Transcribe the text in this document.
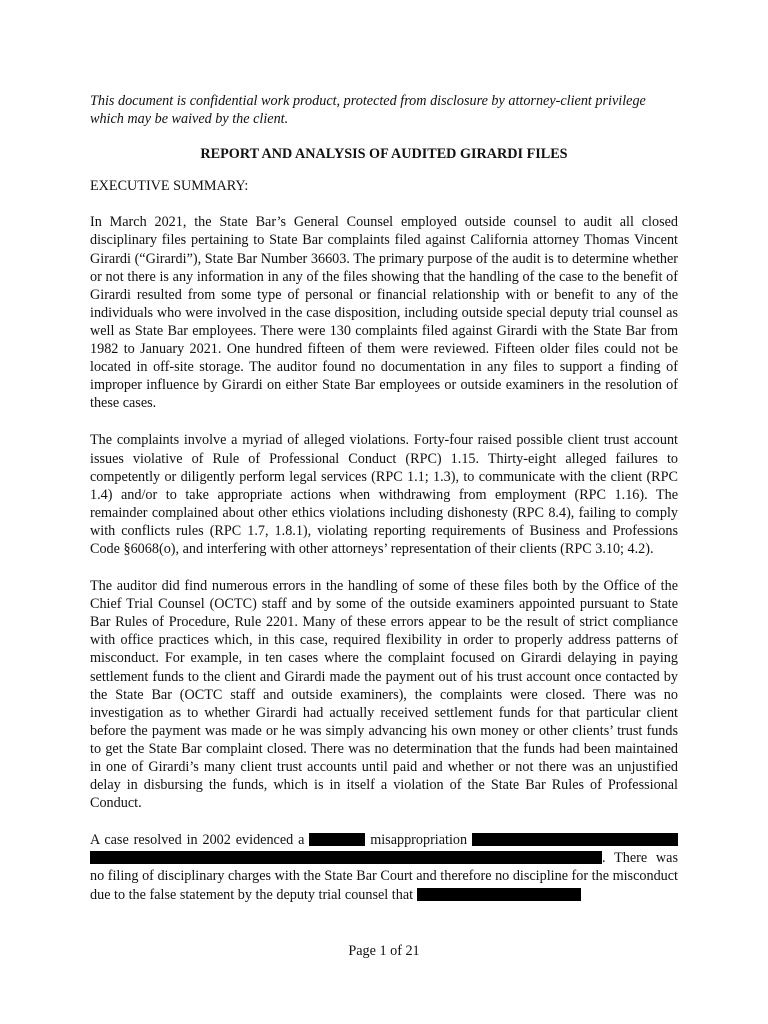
This document is confidential work product, protected from disclosure by attorney-client privilege which may be waived by the client.

REPORT AND ANALYSIS OF AUDITED GIRARDI FILES
EXECUTIVE SUMMARY:

In March 2021, the State Bar’s General Counsel employed outside counsel to audit all closed disciplinary files pertaining to State Bar complaints filed against California attorney Thomas Vincent Girardi (“Girardi”), State Bar Number 36603. The primary purpose of the audit is to determine whether or not there is any information in any of the files showing that the handling of the case to the benefit of Girardi resulted from some type of personal or financial relationship with or benefit to any of the individuals who were involved in the case disposition, including outside special deputy trial counsel as well as State Bar employees. There were 130 complaints filed against Girardi with the State Bar from 1982 to January 2021. One hundred fifteen of them were reviewed. Fifteen older files could not be located in off-site storage. The auditor found no documentation in any files to support a finding of improper influence by Girardi on either State Bar employees or outside examiners in the resolution of these cases.

The complaints involve a myriad of alleged violations. Forty-four raised possible client trust account issues violative of Rule of Professional Conduct (RPC) 1.15. Thirty-eight alleged failures to competently or diligently perform legal services (RPC 1.1; 1.3), to communicate with the client (RPC 1.4) and/or to take appropriate actions when withdrawing from employment (RPC 1.16). The remainder complained about other ethics violations including dishonesty (RPC 8.4), failing to comply with conflicts rules (RPC 1.7, 1.8.1), violating reporting requirements of Business and Professions Code §6068(o), and interfering with other attorneys’ representation of their clients (RPC 3.10; 4.2).

The auditor did find numerous errors in the handling of some of these files both by the Office of the Chief Trial Counsel (OCTC) staff and by some of the outside examiners appointed pursuant to State Bar Rules of Procedure, Rule 2201. Many of these errors appear to be the result of strict compliance with office practices which, in this case, required flexibility in order to properly address patterns of misconduct. For example, in ten cases where the complaint focused on Girardi delaying in paying settlement funds to the client and Girardi made the payment out of his trust account once contacted by the State Bar (OCTC staff and outside examiners), the complaints were closed. There was no investigation as to whether Girardi had actually received settlement funds for that particular client before the payment was made or he was simply advancing his own money or other clients’ trust funds to get the State Bar complaint closed. There was no determination that the funds had been maintained in one of Girardi’s many client trust accounts until paid and whether or not there was an unjustified delay in disbursing the funds, which is in itself a violation of the State Bar Rules of Professional Conduct.

A case resolved in 2002 evidenced a	misappropriation  . There was no filing of disciplinary charges with the State Bar Court and therefore no discipline for the misconduct due to the false statement by the deputy trial counsel that

Page 1 of 21
